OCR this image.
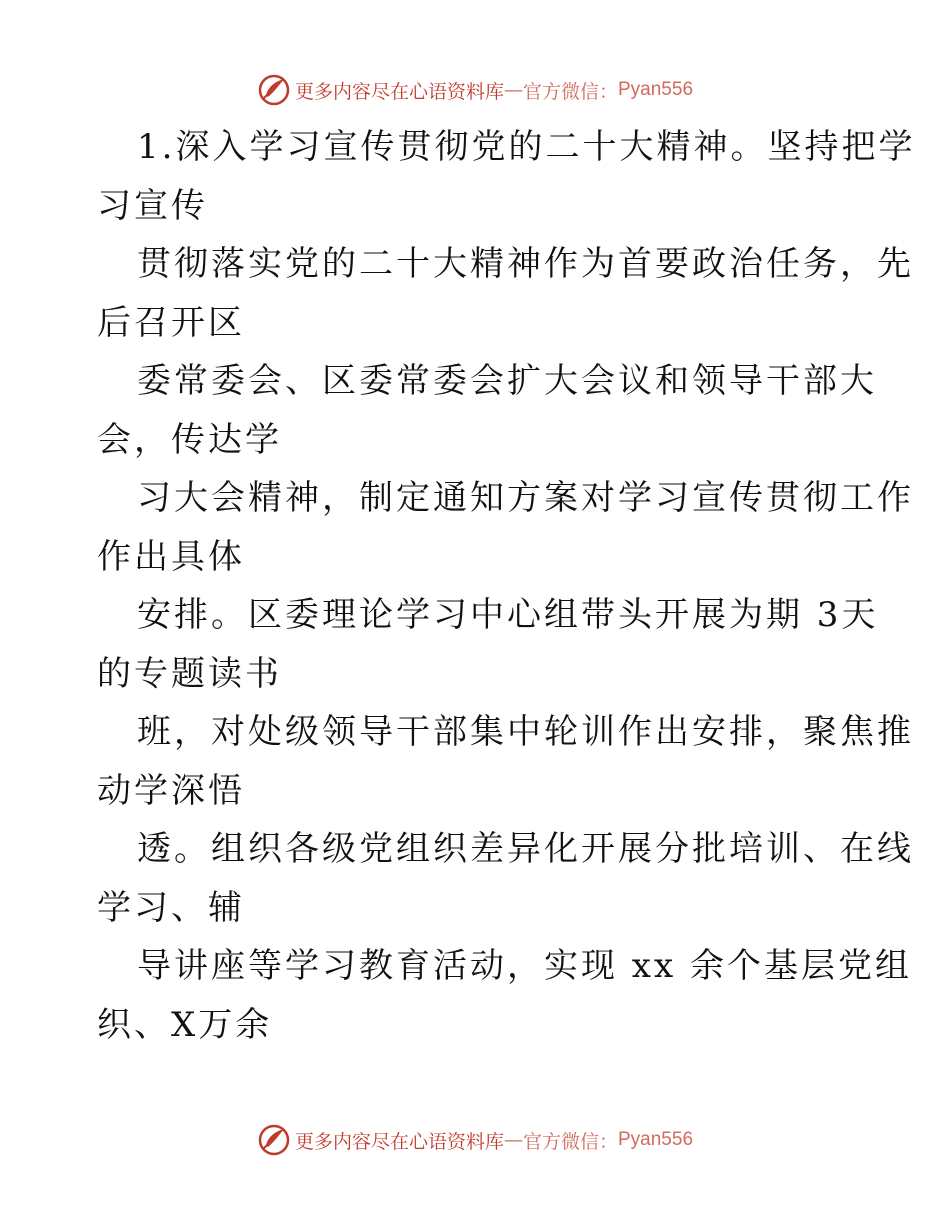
更多内容尽在心语资料库 — 官方微信： Pyan556
1.深入学习宣传贯彻党的二十大精神。坚持把学
习宣传
贯彻落实党的二十大精神作为首要政治任务，先
后召开区
委常委会、区委常委会扩大会议和领导干部大
会，传达学
习大会精神，制定通知方案对学习宣传贯彻工作
作出具体
安排。区委理论学习中心组带头开展为期 3天
的专题读书
班，对处级领导干部集中轮训作出安排，聚焦推
动学深悟
透。组织各级党组织差异化开展分批培训、在线
学习、辅
导讲座等学习教育活动，实现 xx 余个基层党组
织、X万余
更多内容尽在心语资料库 — 官方微信： Pyan556
